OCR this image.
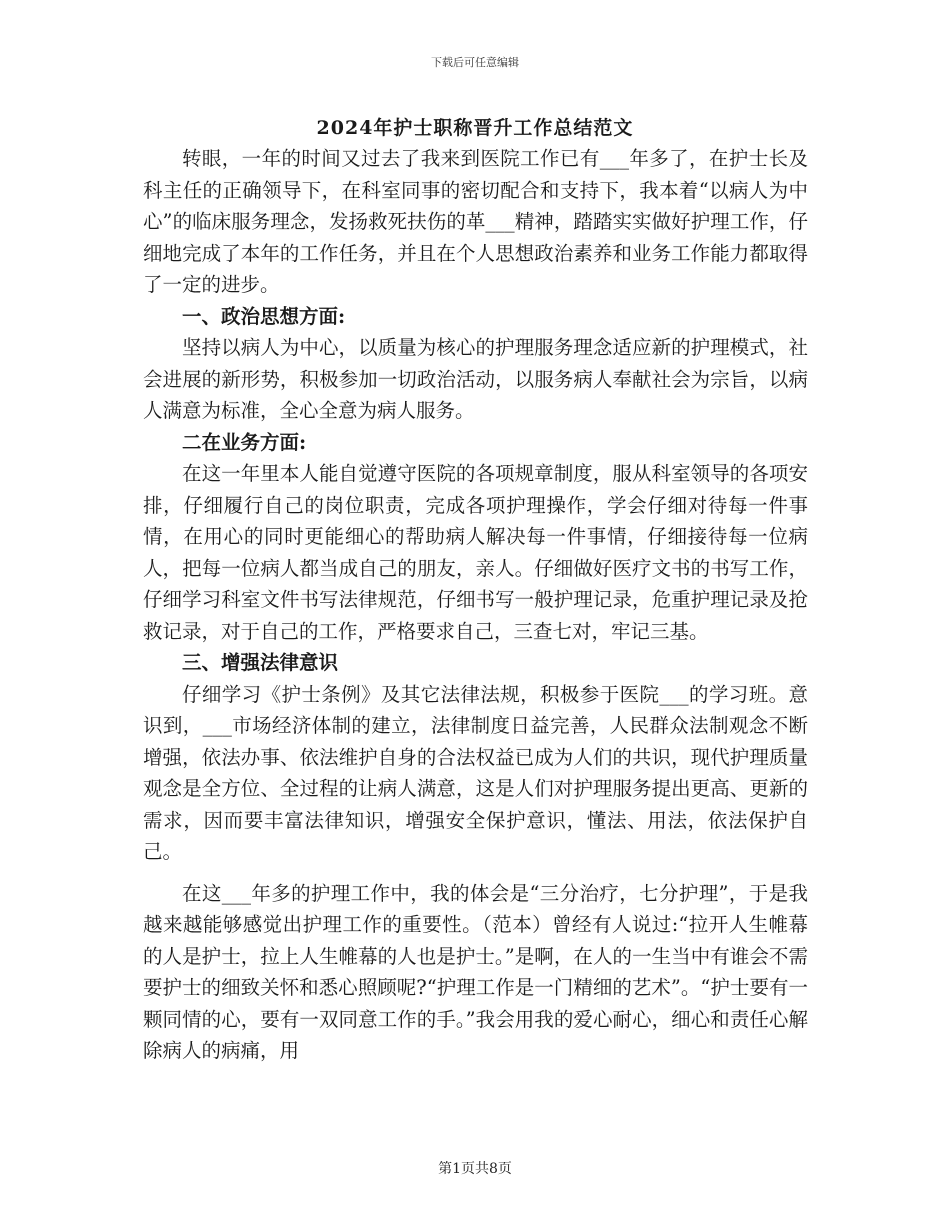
下载后可任意编辑
2024年护士职称晋升工作总结范文

转眼，一年的时间又过去了我来到医院工作已有___年多了，在护士长及科主任的正确领导下，在科室同事的密切配合和支持下，我本着“以病人为中心”的临床服务理念，发扬救死扶伤的革___精神，踏踏实实做好护理工作，仔细地完成了本年的工作任务，并且在个人思想政治素养和业务工作能力都取得了一定的进步。

一、政治思想方面:

坚持以病人为中心，以质量为核心的护理服务理念适应新的护理模式，社会进展的新形势，积极参加一切政治活动，以服务病人奉献社会为宗旨，以病人满意为标准，全心全意为病人服务。

二在业务方面:

在这一年里本人能自觉遵守医院的各项规章制度，服从科室领导的各项安排，仔细履行自己的岗位职责，完成各项护理操作，学会仔细对待每一件事情，在用心的同时更能细心的帮助病人解决每一件事情，仔细接待每一位病人，把每一位病人都当成自己的朋友，亲人。仔细做好医疗文书的书写工作，仔细学习科室文件书写法律规范，仔细书写一般护理记录，危重护理记录及抢救记录，对于自己的工作，严格要求自己，三查七对，牢记三基。

三、增强法律意识

仔细学习《护士条例》及其它法律法规，积极参于医院___的学习班。意识到，___市场经济体制的建立，法律制度日益完善，人民群众法制观念不断增强，依法办事、依法维护自身的合法权益已成为人们的共识，现代护理质量观念是全方位、全过程的让病人满意，这是人们对护理服务提出更高、更新的需求，因而要丰富法律知识，增强安全保护意识，懂法、用法，依法保护自己。

在这___年多的护理工作中，我的体会是“三分治疗，七分护理”，于是我越来越能够感觉出护理工作的重要性。（范本）曾经有人说过:“拉开人生帷幕的人是护士，拉上人生帷幕的人也是护士。”是啊，在人的一生当中有谁会不需要护士的细致关怀和悉心照顾呢?“护理工作是一门精细的艺术”。“护士要有一颗同情的心，要有一双同意工作的手。”我会用我的爱心耐心，细心和责任心解除病人的病痛，用

第1页共8页
